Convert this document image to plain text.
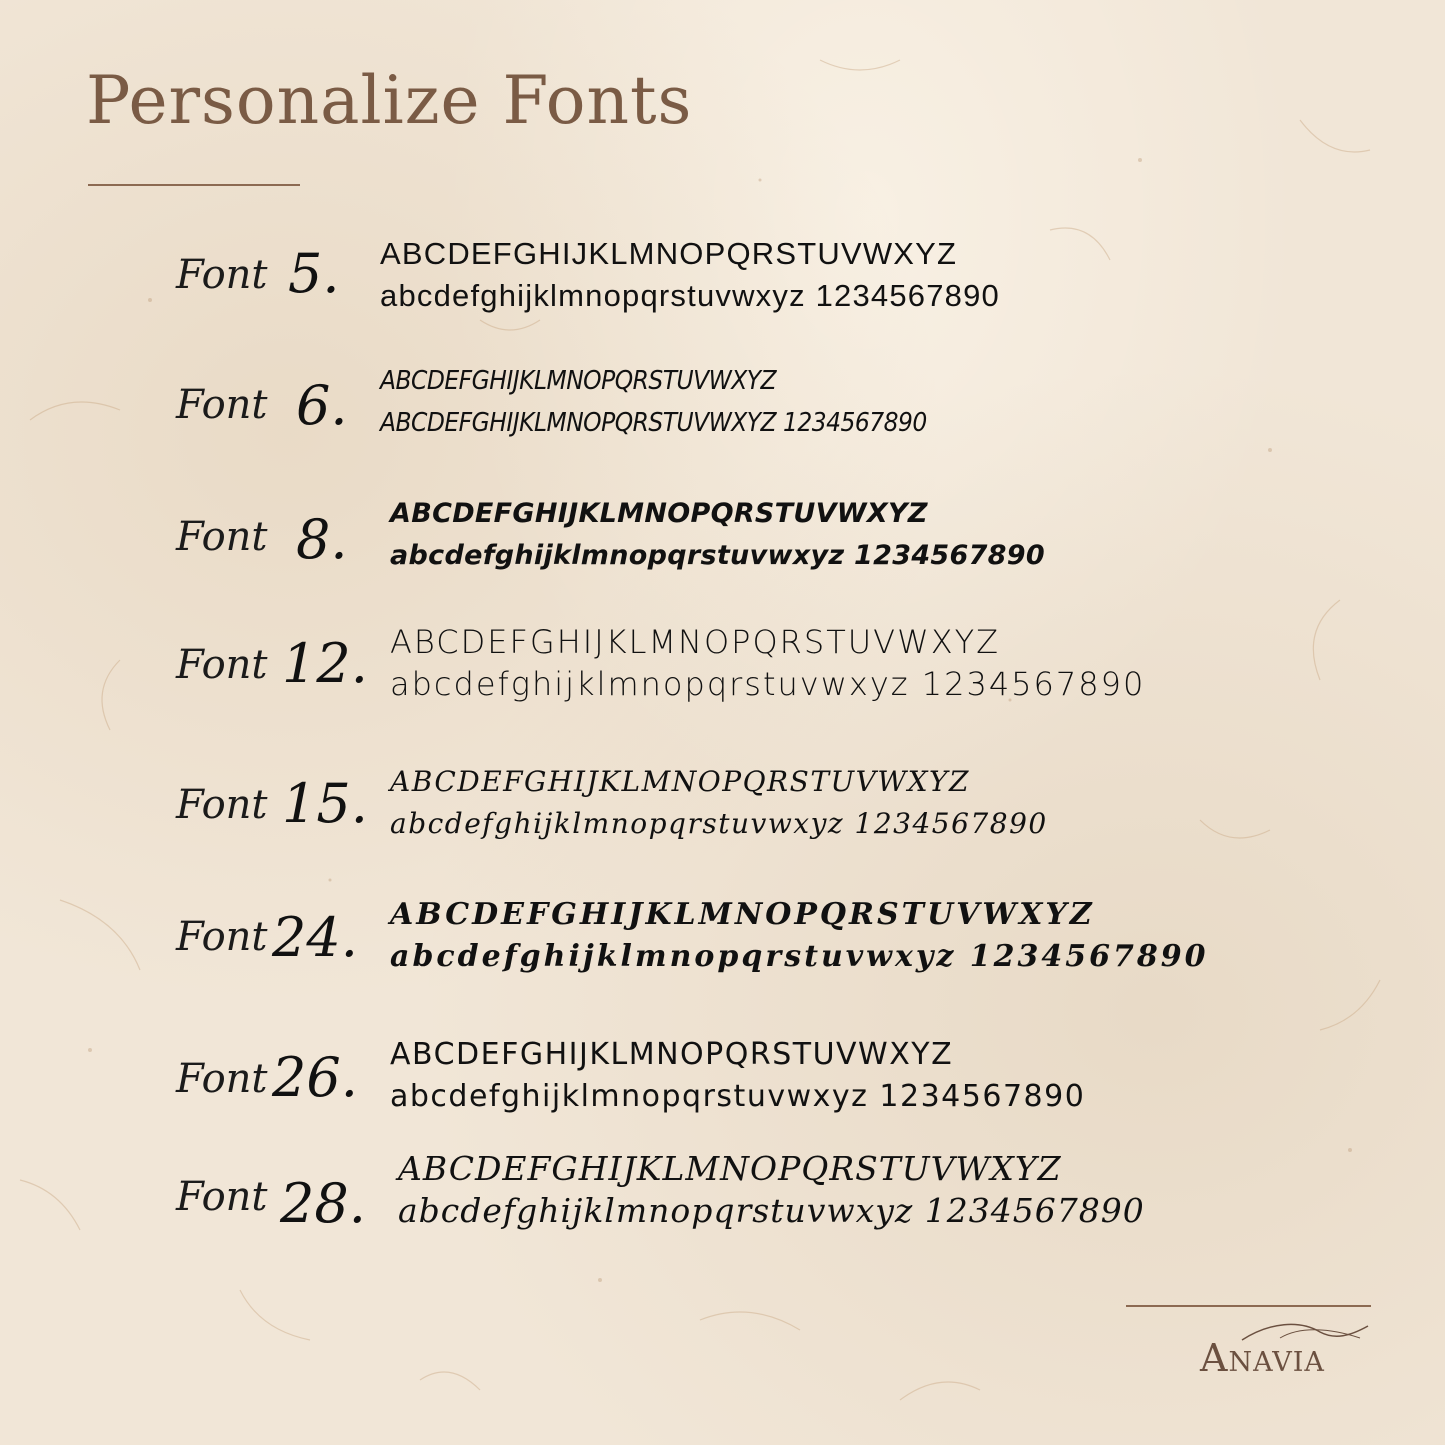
Personalize Fonts
Font 5. ABCDEFGHIJKLMNOPQRSTUVWXYZ
abcdefghijklmnopqrstuvwxyz 1234567890
Font 6. ABCDEFGHIJKLMNOPQRSTUVWXYZ
ABCDEFGHIJKLMNOPQRSTUVWXYZ 1234567890
Font 8. ABCDEFGHIJKLMNOPQRSTUVWXYZ
abcdefghijklmnopqrstuvwxyz 1234567890
Font 12. ABCDEFGHIJKLMNOPQRSTUVWXYZ
abcdefghijklmnopqrstuvwxyz 1234567890
Font 15. ABCDEFGHIJKLMNOPQRSTUVWXYZ
abcdefghijklmnopqrstuvwxyz 1234567890
Font 24. ABCDEFGHIJKLMNOPQRSTUVWXYZ
abcdefghijklmnopqrstuvwxyz 1234567890
Font 26. ABCDEFGHIJKLMNOPQRSTUVWXYZ
abcdefghijklmnopqrstuvwxyz 1234567890
Font 28.
ABCDEFGHIJKLMNOPQRSTUVWXYZ
abcdefghijklmnopqrstuvwxyz 1234567890
Anavia
